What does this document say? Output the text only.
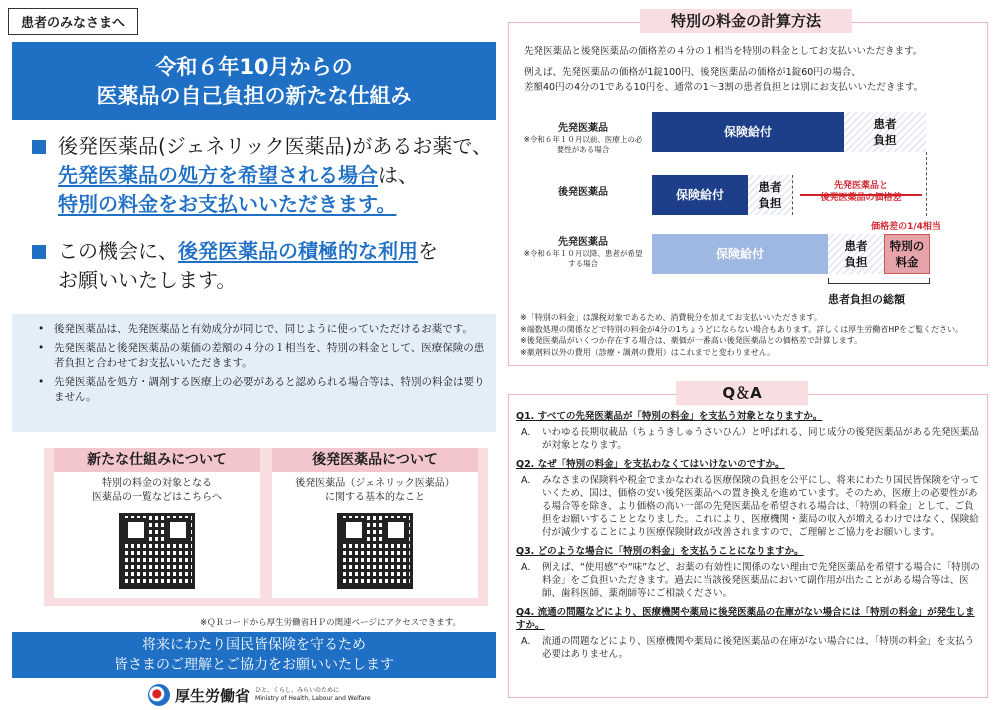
患者のみなさまへ
令和６年10月からの
医薬品の自己負担の新たな仕組み
後発医薬品(ジェネリック医薬品)があるお薬で、
先発医薬品の処方を希望される場合は、
特別の料金をお支払いいただきます。
この機会に、後発医薬品の積極的な利用を
お願いいたします。
• 後発医薬品は、先発医薬品と有効成分が同じで、同じように使っていただけるお薬です。
• 先発医薬品と後発医薬品の薬価の差額の４分の１相当を、特別の料金として、医療保険の患者負担と合わせてお支払いいただきます。
• 先発医薬品を処方・調剤する医療上の必要があると認められる場合等は、特別の料金は要りません。
新たな仕組みについて
特別の料金の対象となる
医薬品の一覧などはこちらへ
後発医薬品について
後発医薬品（ジェネリック医薬品）
に関する基本的なこと
※ＱＲコードから厚生労働省ＨＰの関連ページにアクセスできます。
将来にわたり国民皆保険を守るため
皆さまのご理解とご協力をお願いいたします
厚生労働省 ひと、くらし、みらいのために
Ministry of Health, Labour and Welfare
特別の料金の計算方法
先発医薬品と後発医薬品の価格差の４分の１相当を特別の料金としてお支払いいただきます。
例えば、先発医薬品の価格が1錠100円、後発医薬品の価格が1錠60円の場合、
差額40円の4分の1である10円を、通常の1～3割の患者負担とは別にお支払いいただきます。
先発医薬品
※令和６年１０月以前、医療上の必要性がある場合
保険給付
患者
負担
後発医薬品	保険給付
患者
負担
先発医薬品と
後発医薬品の価格差
先発医薬品
※令和６年１０月以降、患者が希望する場合
価格差の1/4相当
保険給付
患者
負担
特別の
料金
患者負担の総額
※「特別の料金」は課税対象であるため、消費税分を加えてお支払いいただきます。
※端数処理の関係などで特別の料金が4分の1ちょうどにならない場合もあります。詳しくは厚生労働省HPをご覧ください。
※後発医薬品がいくつか存在する場合は、薬価が一番高い後発医薬品との価格差で計算します。
※薬剤料以外の費用（診療・調剤の費用）はこれまでと変わりません。
Q＆A
Q1. すべての先発医薬品が「特別の料金」を支払う対象となりますか。
A.	いわゆる長期収載品（ちょうきしゅうさいひん）と呼ばれる、同じ成分の後発医薬品がある先発医薬品が対象となります。
Q2. なぜ「特別の料金」を支払わなくてはいけないのですか。
A.	みなさまの保険料や税金でまかなわれる医療保険の負担を公平にし、将来にわたり国民皆保険を守っていくため、国は、価格の安い後発医薬品への置き換えを進めています。そのため、医療上の必要性がある場合等を除き、より価格の高い一部の先発医薬品を希望される場合は、「特別の料金」として、ご負担をお願いすることとなりました。これにより、医療機関・薬局の収入が増えるわけではなく、保険給付が減少することにより医療保険財政が改善されますので、ご理解とご協力をお願いします。
Q3. どのような場合に「特別の料金」を支払うことになりますか。
A.	例えば、“使用感”や“味”など、お薬の有効性に関係のない理由で先発医薬品を希望する場合に「特別の料金」をご負担いただきます。過去に当該後発医薬品において副作用が出たことがある場合等は、医師、歯科医師、薬剤師等にご相談ください。
Q4. 流通の問題などにより、医療機関や薬局に後発医薬品の在庫がない場合には「特別の料金」が発生しますか。
A.	流通の問題などにより、医療機関や薬局に後発医薬品の在庫がない場合には、「特別の料金」を支払う必要はありません。
